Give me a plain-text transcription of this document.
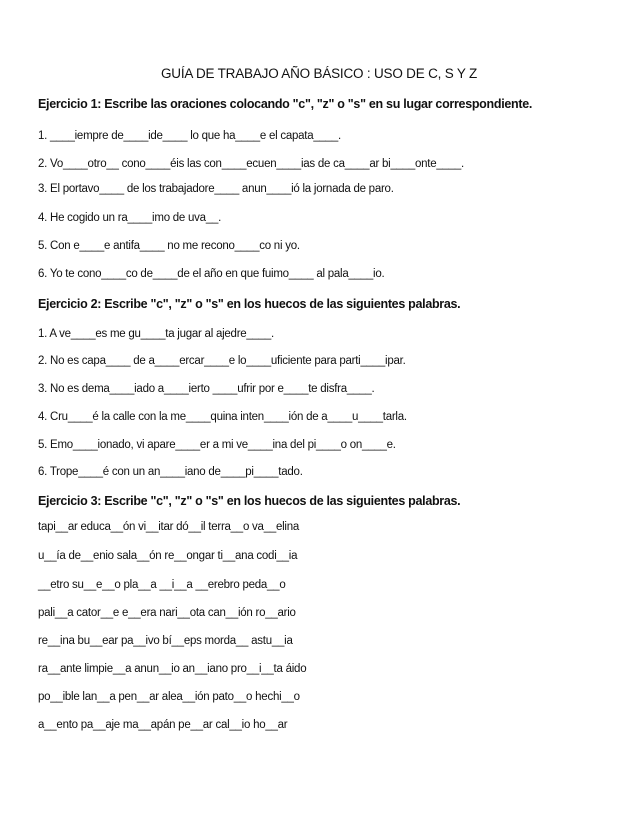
GUÍA DE TRABAJO AÑO BÁSICO : USO DE C, S Y Z
Ejercicio 1: Escribe las oraciones colocando "c", "z" o "s" en su lugar correspondiente.
1. ____iempre de____ide____ lo que ha____e el capata____.
2. Vo____otro__ cono____éis las con____ecuen____ias de ca____ar bi____onte____.
3. El portavo____ de los trabajadore____ anun____ió la jornada de paro.
4. He cogido un ra____imo de uva__.
5. Con e____e antifa____ no me recono____co ni yo.
6. Yo te cono____co de____de el año en que fuimo____ al pala____io.
Ejercicio 2: Escribe "c", "z" o "s" en los huecos de las siguientes palabras.
1. A ve____es me gu____ta jugar al ajedre____.
2. No es capa____ de a____ercar____e lo____uficiente para parti____ipar.
3. No es dema____iado a____ierto ____ufrir por e____te disfra____.
4. Cru____é la calle con la me____quina inten____ión de a____u____tarla.
5. Emo____ionado, vi apare____er a mi ve____ina del pi____o on____e.
6. Trope____é con un an____iano de____pi____tado.
Ejercicio 3: Escribe "c", "z" o "s" en los huecos de las siguientes palabras.
tapi__ar educa__ón vi__itar dó__il terra__o va__elina
u__ía de__enio sala__ón re__ongar ti__ana codi__ia
__etro su__e__o pla__a __i__a __erebro peda__o
pali__a cator__e e__era nari__ota can__ión ro__ario
re__ina bu__ear pa__ivo bí__eps morda__ astu__ia
ra__ante limpie__a anun__io an__iano pro__i__ta áido
po__ible lan__a pen__ar alea__ión pato__o hechi__o
a__ento pa__aje ma__apán pe__ar cal__io ho__ar
